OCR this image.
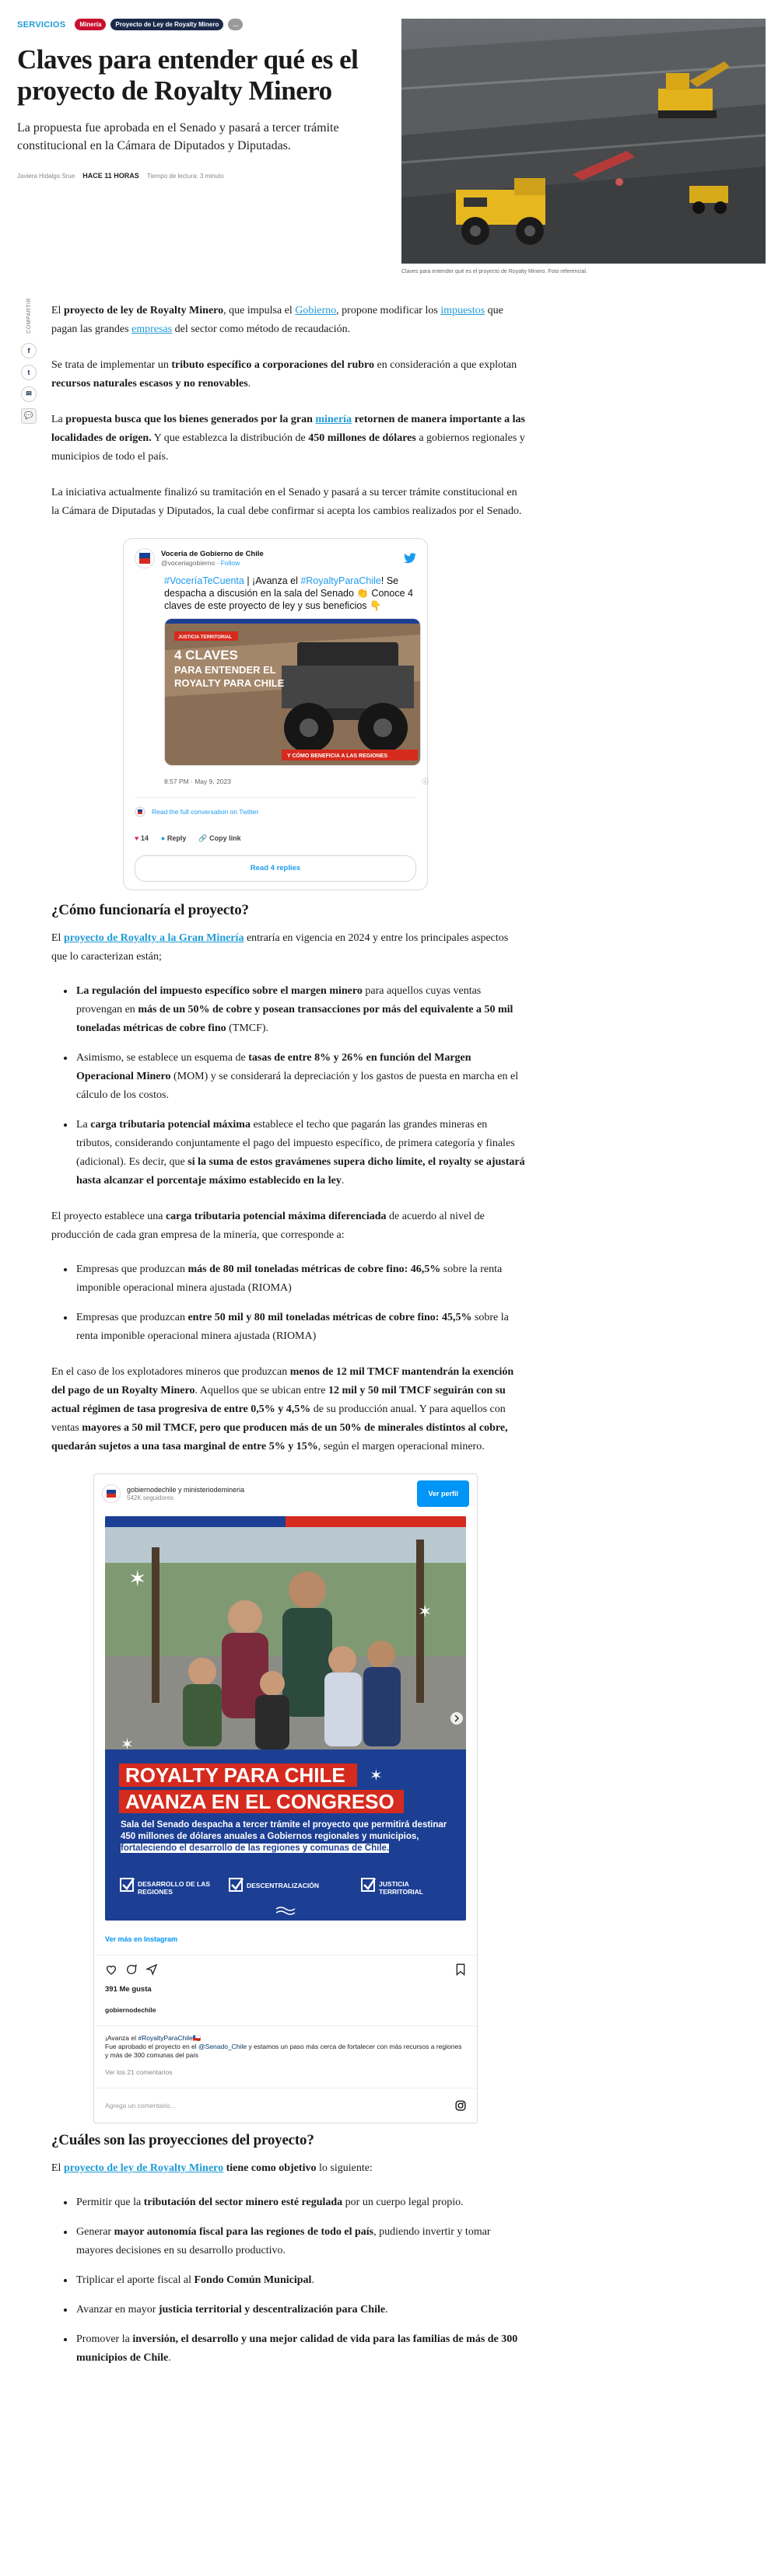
SERVICIOS	Minería	Proyecto de Ley de Royalty Minero	...
Claves para entender qué es el proyecto de Royalty Minero

La propuesta fue aprobada en el Senado y pasará a tercer trámite constitucional en la Cámara de Diputados y Diputadas.

Javiera Hidalgo Srue HACE 11 HORAS Tiempo de lectura: 3 minuto
Claves para entender qué es el proyecto de Royalty Minero. Foto referencial.
COMPARTIR
f
t
✉
💬

El proyecto de ley de Royalty Minero, que impulsa el Gobierno, propone modificar los impuestos que pagan las grandes empresas del sector como método de recaudación.

Se trata de implementar un tributo específico a corporaciones del rubro en consideración a que explotan recursos naturales escasos y no renovables.

La propuesta busca que los bienes generados por la gran minería retornen de manera importante a las localidades de origen. Y que establezca la distribución de 450 millones de dólares a gobiernos regionales y municipios de todo el país.

La iniciativa actualmente finalizó su tramitación en el Senado y pasará a su tercer trámite constitucional en la Cámara de Diputadas y Diputados, la cual debe confirmar si acepta los cambios realizados por el Senado.

Vocería de Gobierno de Chile
@voceriagobierno · Follow
#VoceríaTeCuenta | ¡Avanza el #RoyaltyParaChile! Se despacha a discusión en la sala del Senado 👏 Conoce 4 claves de este proyecto de ley y sus beneficios 👇
JUSTICIA TERRITORIAL
4 CLAVES
PARA ENTENDER EL
ROYALTY PARA CHILE
Y CÓMO BENEFICIA A LAS REGIONES
8:57 PM · May 9, 2023	ⓘ
Read the full conversation on Twitter
♥ 14 ● Reply 🔗 Copy link
Read 4 replies
¿Cómo funcionaría el proyecto?

El proyecto de Royalty a la Gran Minería entraría en vigencia en 2024 y entre los principales aspectos que lo caracterizan están;

• La regulación del impuesto específico sobre el margen minero para aquellos cuyas ventas provengan en más de un 50% de cobre y posean transacciones por más del equivalente a 50 mil toneladas métricas de cobre fino (TMCF).
• Asimismo, se establece un esquema de tasas de entre 8% y 26% en función del Margen Operacional Minero (MOM) y se considerará la depreciación y los gastos de puesta en marcha en el cálculo de los costos.
• La carga tributaria potencial máxima establece el techo que pagarán las grandes mineras en tributos, considerando conjuntamente el pago del impuesto específico, de primera categoría y finales (adicional). Es decir, que si la suma de estos gravámenes supera dicho límite, el royalty se ajustará hasta alcanzar el porcentaje máximo establecido en la ley.

El proyecto establece una carga tributaria potencial máxima diferenciada de acuerdo al nivel de producción de cada gran empresa de la minería, que corresponde a:

• Empresas que produzcan más de 80 mil toneladas métricas de cobre fino: 46,5% sobre la renta imponible operacional minera ajustada (RIOMA)
• Empresas que produzcan entre 50 mil y 80 mil toneladas métricas de cobre fino: 45,5% sobre la renta imponible operacional minera ajustada (RIOMA)

En el caso de los explotadores mineros que produzcan menos de 12 mil TMCF mantendrán la exención del pago de un Royalty Minero. Aquellos que se ubican entre 12 mil y 50 mil TMCF seguirán con su actual régimen de tasa progresiva de entre 0,5% y 4,5% de su producción anual. Y para aquellos con ventas mayores a 50 mil TMCF, pero que producen más de un 50% de minerales distintos al cobre, quedarán sujetos a una tasa marginal de entre 5% y 15%, según el margen operacional minero.

gobiernodechile y ministeriodemineria
542K seguidores	Ver perfil
✶
✶
ROYALTY PARA CHILE
AVANZA EN EL CONGRESO
✶
✶
Sala del Senado despacha a tercer trámite el proyecto que permitirá destinar 450 millones de dólares anuales a Gobiernos regionales y municipios, fortaleciendo el desarrollo de las regiones y comunas de Chile.
DESARROLLO DE LAS REGIONES
DESCENTRALIZACIÓN	JUSTICIA TERRITORIAL
Ver más en Instagram
391 Me gusta
gobiernodechile
¡Avanza el #RoyaltyParaChile🇨🇱
Fue aprobado el proyecto en el @Senado_Chile y estamos un paso más cerca de fortalecer con más recursos a regiones y más de 300 comunas del país
Ver los 21 comentarios
Agrega un comentario...
¿Cuáles son las proyecciones del proyecto?

El proyecto de ley de Royalty Minero tiene como objetivo lo siguiente:

• Permitir que la tributación del sector minero esté regulada por un cuerpo legal propio.
• Generar mayor autonomía fiscal para las regiones de todo el país, pudiendo invertir y tomar mayores decisiones en su desarrollo productivo.
• Triplicar el aporte fiscal al Fondo Común Municipal.
• Avanzar en mayor justicia territorial y descentralización para Chile.
• Promover la inversión, el desarrollo y una mejor calidad de vida para las familias de más de 300 municipios de Chile.
